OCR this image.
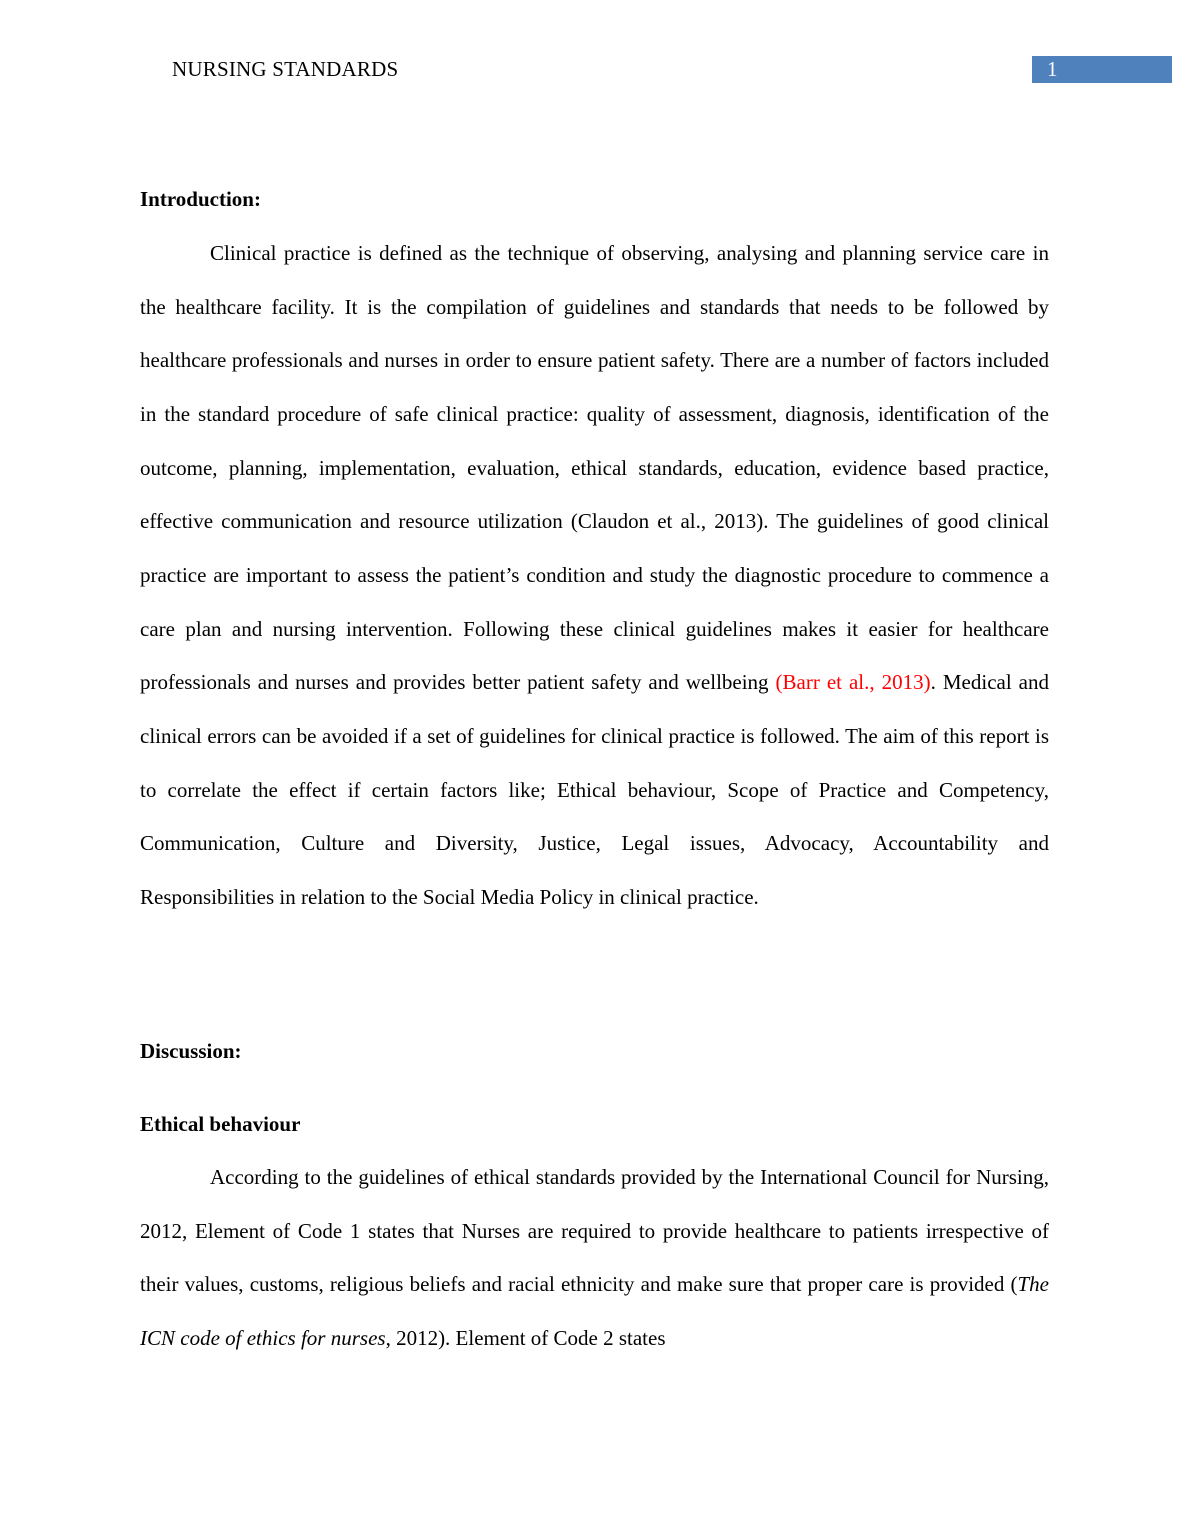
NURSING STANDARDS	1
Introduction:

Clinical practice is defined as the technique of observing, analysing and planning service care in the healthcare facility. It is the compilation of guidelines and standards that needs to be followed by healthcare professionals and nurses in order to ensure patient safety. There are a number of factors included in the standard procedure of safe clinical practice: quality of assessment, diagnosis, identification of the outcome, planning, implementation, evaluation, ethical standards, education, evidence based practice, effective communication and resource utilization (Claudon et al., 2013). The guidelines of good clinical practice are important to assess the patient’s condition and study the diagnostic procedure to commence a care plan and nursing intervention. Following these clinical guidelines makes it easier for healthcare professionals and nurses and provides better patient safety and wellbeing (Barr et al., 2013). Medical and clinical errors can be avoided if a set of guidelines for clinical practice is followed. The aim of this report is to correlate the effect if certain factors like; Ethical behaviour, Scope of Practice and Competency, Communication, Culture and Diversity, Justice, Legal issues, Advocacy, Accountability and Responsibilities in relation to the Social Media Policy in clinical practice.

Discussion:
Ethical behaviour

According to the guidelines of ethical standards provided by the International Council for Nursing, 2012, Element of Code 1 states that Nurses are required to provide healthcare to patients irrespective of their values, customs, religious beliefs and racial ethnicity and make sure that proper care is provided (The ICN code of ethics for nurses, 2012). Element of Code 2 states
